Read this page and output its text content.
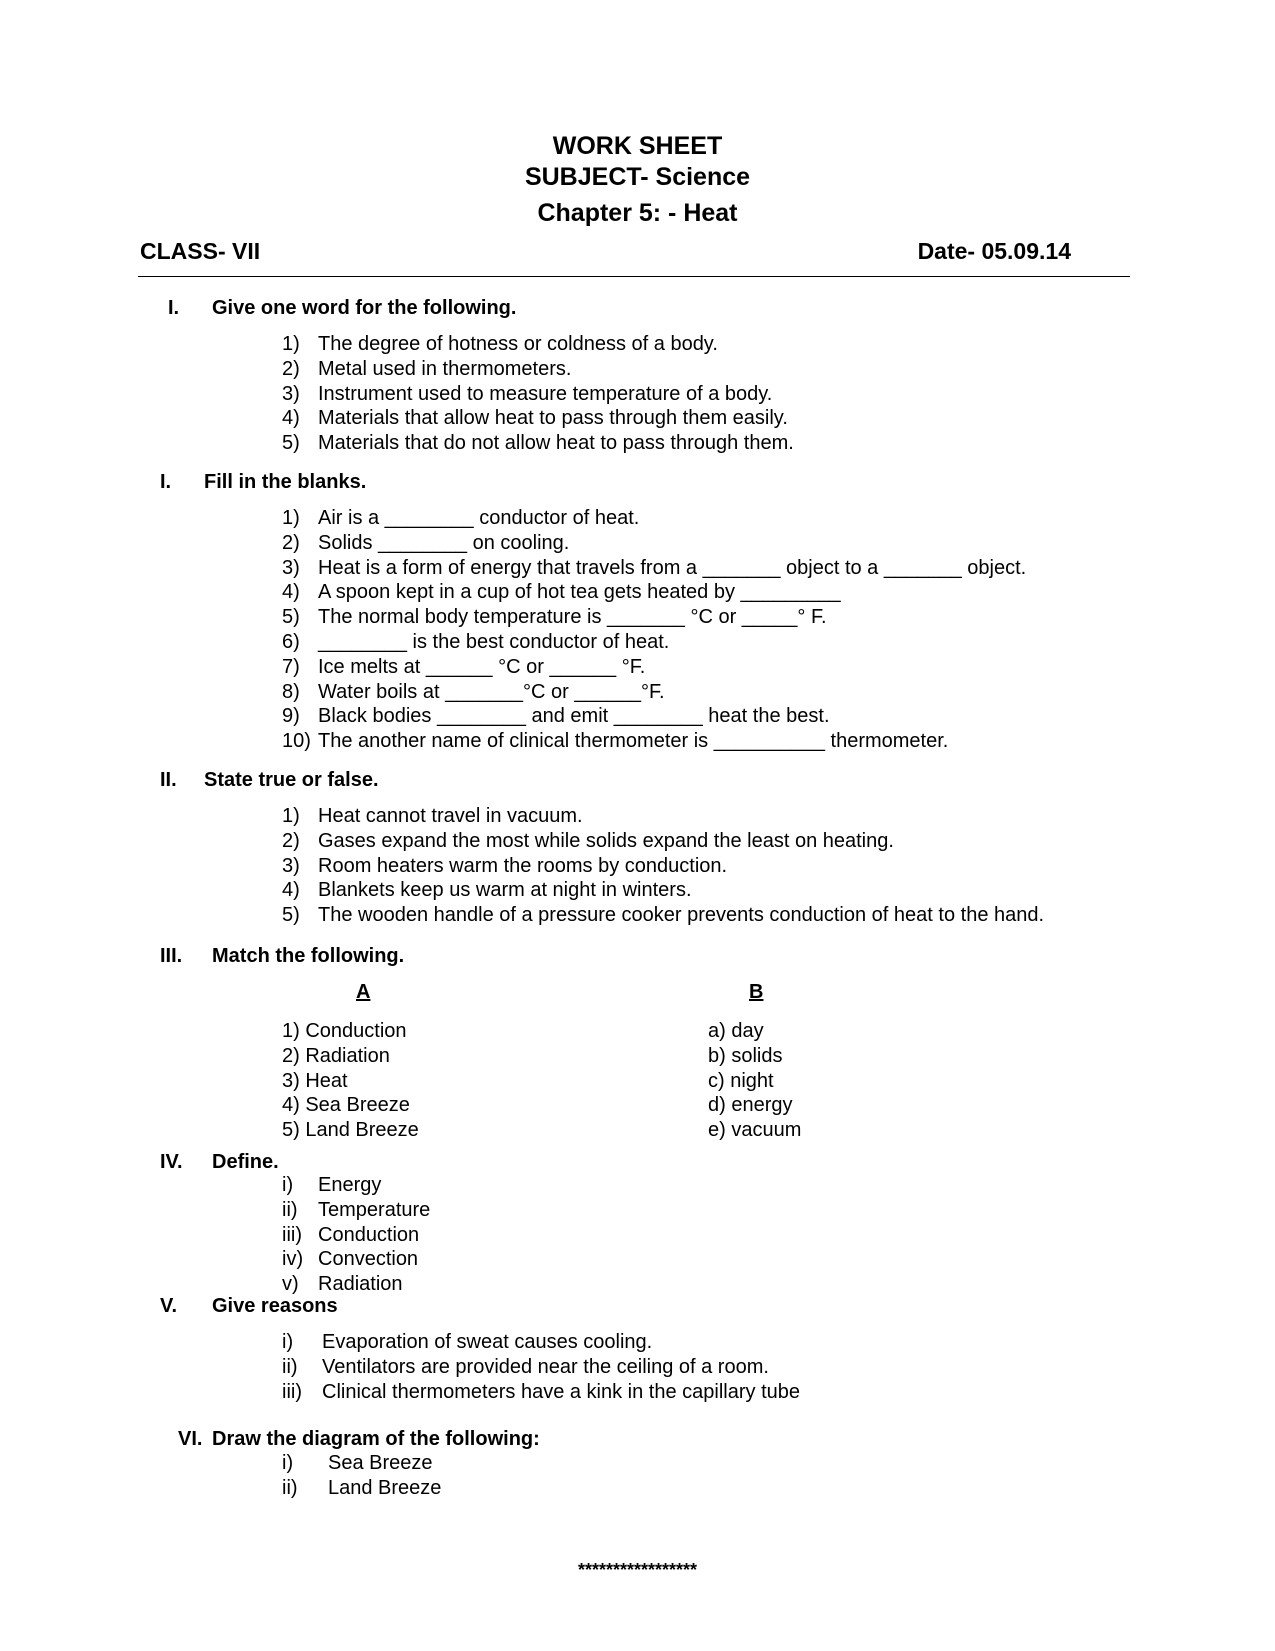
WORK SHEET
SUBJECT- Science
Chapter 5: - Heat
CLASS- VII	Date- 05.09.14
I. Give one word for the following.
1) The degree of hotness or coldness of a body.
2) Metal used in thermometers.
3) Instrument used to measure temperature of a body.
4) Materials that allow heat to pass through them easily.
5) Materials that do not allow heat to pass through them.
I. Fill in the blanks.
1) Air is a ________ conductor of heat.
2) Solids ________ on cooling.
3) Heat is a form of energy that travels from a _______ object to a _______ object.
4) A spoon kept in a cup of hot tea gets heated by _________
5) The normal body temperature is _______ °C or _____° F.
6) ________ is the best conductor of heat.
7) Ice melts at ______ °C or ______ °F.
8) Water boils at _______°C or ______°F.
9) Black bodies ________ and emit ________ heat the best.
10) The another name of clinical thermometer is __________ thermometer.
II. State true or false.
1) Heat cannot travel in vacuum.
2) Gases expand the most while solids expand the least on heating.
3) Room heaters warm the rooms by conduction.
4) Blankets keep us warm at night in winters.
5) The wooden handle of a pressure cooker prevents conduction of heat to the hand.
III. Match the following.
A	B
1) Conduction
2) Radiation
3) Heat
4) Sea Breeze
5) Land Breeze
a) day
b) solids
c) night
d) energy
e) vacuum
IV. Define.
i) Energy
ii) Temperature
iii) Conduction
iv) Convection
v) Radiation
V. Give reasons
i) Evaporation of sweat causes cooling.
ii) Ventilators are provided near the ceiling of a room.
iii) Clinical thermometers have a kink in the capillary tube
VI. Draw the diagram of the following:
i) Sea Breeze
ii) Land Breeze
*****************
